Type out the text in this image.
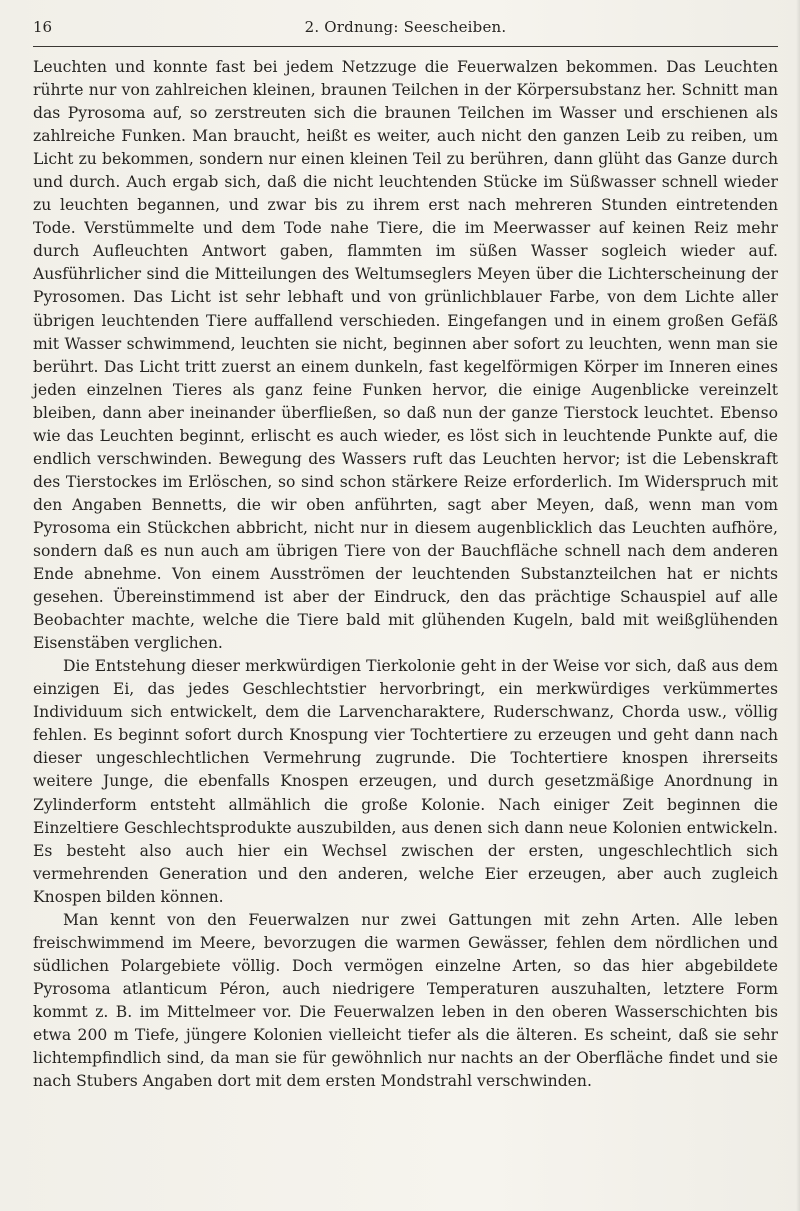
16	2. Ordnung: Seescheiben.

Leuchten und konnte fast bei jedem Netzzuge die Feuerwalzen bekommen. Das Leuchten rührte nur von zahlreichen kleinen, braunen Teilchen in der Körpersubstanz her. Schnitt man das Pyrosoma auf, so zerstreuten sich die braunen Teilchen im Wasser und erschienen als zahlreiche Funken. Man braucht, heißt es weiter, auch nicht den ganzen Leib zu reiben, um Licht zu bekommen, sondern nur einen kleinen Teil zu berühren, dann glüht das Ganze durch und durch. Auch ergab sich, daß die nicht leuchtenden Stücke im Süßwasser schnell wieder zu leuchten begannen, und zwar bis zu ihrem erst nach mehreren Stunden eintretenden Tode. Verstümmelte und dem Tode nahe Tiere, die im Meerwasser auf keinen Reiz mehr durch Aufleuchten Antwort gaben, flammten im süßen Wasser sogleich wieder auf. Ausführlicher sind die Mitteilungen des Weltumseglers Meyen über die Lichterscheinung der Pyrosomen. Das Licht ist sehr lebhaft und von grünlichblauer Farbe, von dem Lichte aller übrigen leuchtenden Tiere auffallend verschieden. Eingefangen und in einem großen Gefäß mit Wasser schwimmend, leuchten sie nicht, beginnen aber sofort zu leuchten, wenn man sie berührt. Das Licht tritt zuerst an einem dunkeln, fast kegelförmigen Körper im Inneren eines jeden einzelnen Tieres als ganz feine Funken hervor, die einige Augenblicke vereinzelt bleiben, dann aber ineinander überfließen, so daß nun der ganze Tierstock leuchtet. Ebenso wie das Leuchten beginnt, erlischt es auch wieder, es löst sich in leuchtende Punkte auf, die endlich verschwinden. Bewegung des Wassers ruft das Leuchten hervor; ist die Lebenskraft des Tierstockes im Erlöschen, so sind schon stärkere Reize erforderlich. Im Widerspruch mit den Angaben Bennetts, die wir oben anführten, sagt aber Meyen, daß, wenn man vom Pyrosoma ein Stückchen abbricht, nicht nur in diesem augenblicklich das Leuchten aufhöre, sondern daß es nun auch am übrigen Tiere von der Bauchfläche schnell nach dem anderen Ende abnehme. Von einem Ausströmen der leuchtenden Substanzteilchen hat er nichts gesehen. Übereinstimmend ist aber der Eindruck, den das prächtige Schauspiel auf alle Beobachter machte, welche die Tiere bald mit glühenden Kugeln, bald mit weißglühenden Eisenstäben verglichen.

Die Entstehung dieser merkwürdigen Tierkolonie geht in der Weise vor sich, daß aus dem einzigen Ei, das jedes Geschlechtstier hervorbringt, ein merkwürdiges verkümmertes Individuum sich entwickelt, dem die Larvencharaktere, Ruderschwanz, Chorda usw., völlig fehlen. Es beginnt sofort durch Knospung vier Tochtertiere zu erzeugen und geht dann nach dieser ungeschlechtlichen Vermehrung zugrunde. Die Tochtertiere knospen ihrerseits weitere Junge, die ebenfalls Knospen erzeugen, und durch gesetzmäßige Anordnung in Zylinderform entsteht allmählich die große Kolonie. Nach einiger Zeit beginnen die Einzeltiere Geschlechtsprodukte auszubilden, aus denen sich dann neue Kolonien entwickeln. Es besteht also auch hier ein Wechsel zwischen der ersten, ungeschlechtlich sich vermehrenden Generation und den anderen, welche Eier erzeugen, aber auch zugleich Knospen bilden können.

Man kennt von den Feuerwalzen nur zwei Gattungen mit zehn Arten. Alle leben freischwimmend im Meere, bevorzugen die warmen Gewässer, fehlen dem nördlichen und südlichen Polargebiete völlig. Doch vermögen einzelne Arten, so das hier abgebildete Pyrosoma atlanticum Péron, auch niedrigere Temperaturen auszuhalten, letztere Form kommt z. B. im Mittelmeer vor. Die Feuerwalzen leben in den oberen Wasserschichten bis etwa 200 m Tiefe, jüngere Kolonien vielleicht tiefer als die älteren. Es scheint, daß sie sehr lichtempfindlich sind, da man sie für gewöhnlich nur nachts an der Oberfläche findet und sie nach Stubers Angaben dort mit dem ersten Mondstrahl verschwinden.
